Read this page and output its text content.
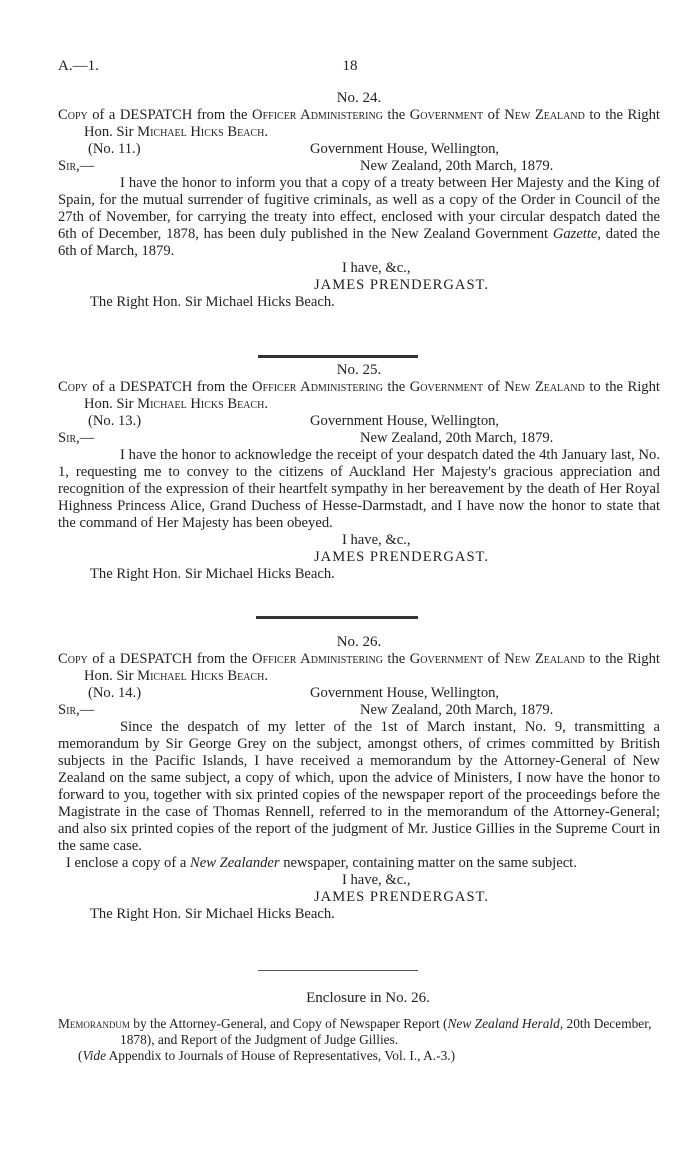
A.—1.	18
No. 24.
Copy of a DESPATCH from the Officer Administering the Government of New Zealand to the Right Hon. Sir Michael Hicks Beach.
(No. 11.)	Government House, Wellington,
Sir,—	New Zealand, 20th March, 1879.

I have the honor to inform you that a copy of a treaty between Her Majesty and the King of Spain, for the mutual surrender of fugitive criminals, as well as a copy of the Order in Council of the 27th of November, for carrying the treaty into effect, enclosed with your circular despatch dated the 6th of December, 1878, has been duly published in the New Zealand Government Gazette, dated the 6th of March, 1879.

I have, &c.,
JAMES PRENDERGAST.
The Right Hon. Sir Michael Hicks Beach.
No. 25.
Copy of a DESPATCH from the Officer Administering the Government of New Zealand to the Right Hon. Sir Michael Hicks Beach.
(No. 13.)	Government House, Wellington,
Sir,—	New Zealand, 20th March, 1879.

I have the honor to acknowledge the receipt of your despatch dated the 4th January last, No. 1, requesting me to convey to the citizens of Auckland Her Majesty's gracious appreciation and recognition of the expression of their heartfelt sympathy in her bereavement by the death of Her Royal Highness Princess Alice, Grand Duchess of Hesse-Darmstadt, and I have now the honor to state that the command of Her Majesty has been obeyed.

I have, &c.,
JAMES PRENDERGAST.
The Right Hon. Sir Michael Hicks Beach.
No. 26.
Copy of a DESPATCH from the Officer Administering the Government of New Zealand to the Right Hon. Sir Michael Hicks Beach.
(No. 14.)	Government House, Wellington,
Sir,—	New Zealand, 20th March, 1879.

Since the despatch of my letter of the 1st of March instant, No. 9, transmitting a memorandum by Sir George Grey on the subject, amongst others, of crimes committed by British subjects in the Pacific Islands, I have received a memorandum by the Attorney-General of New Zealand on the same subject, a copy of which, upon the advice of Ministers, I now have the honor to forward to you, together with six printed copies of the newspaper report of the proceedings before the Magistrate in the case of Thomas Rennell, referred to in the memorandum of the Attorney-General; and also six printed copies of the report of the judgment of Mr. Justice Gillies in the Supreme Court in the same case.

I enclose a copy of a New Zealander newspaper, containing matter on the same subject.

I have, &c.,
JAMES PRENDERGAST.
The Right Hon. Sir Michael Hicks Beach.
Enclosure in No. 26.
Memorandum by the Attorney-General, and Copy of Newspaper Report (New Zealand Herald, 20th December, 1878), and Report of the Judgment of Judge Gillies.
(Vide Appendix to Journals of House of Representatives, Vol. I., A.-3.)
